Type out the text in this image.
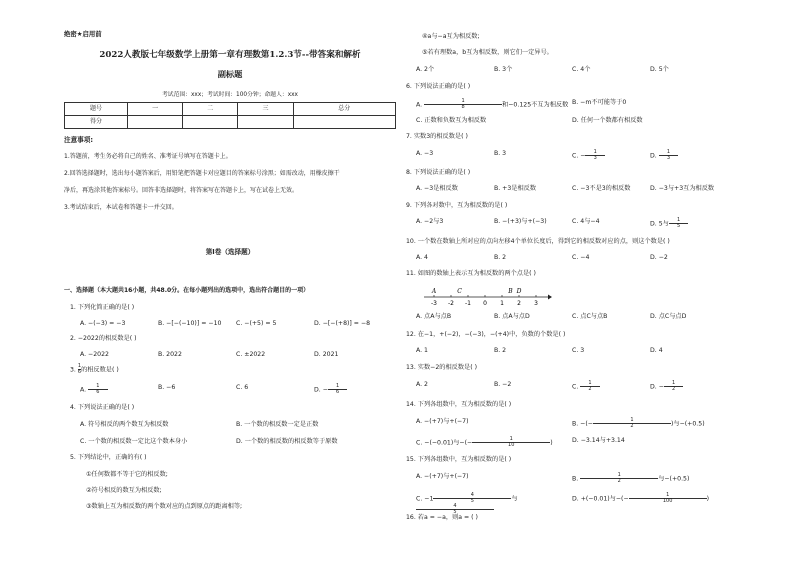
绝密★启用前
2022人教版七年级数学上册第一章有理数第1.2.3节--带答案和解析
副标题
考试范围：xxx；考试时间：100分钟；命题人：xxx
题号	一	二	三	总分
得分				
注意事项:
1.答题前，考生务必将自己的姓名、准考证号填写在答题卡上。
2.回答选择题时，选出每小题答案后，用铅笔把答题卡对应题目的答案标号涂黑；如需改动，用橡皮擦干
净后，再选涂其他答案标号。回答非选择题时，将答案写在答题卡上，写在试卷上无效。
3.考试结束后，本试卷和答题卡一并交回。
第I卷（选择题）
一、选择题（本大题共16小题，共48.0分。在每小题列出的选项中，选出符合题目的一项）
1. 下列化简正确的是( )
A. −(−3) = −3	B. −[−(−10)] = −10	C. −(+5) = 5	D. −[−(+8)] = −8
2. −2022的相反数是( )
A. −2022	B. 2022	C. ±2022	D. 2021
3. $\frac{1}{6}$ 的相反数是( )
A. $\frac{1}{6}$	B. −6	C. 6	D. − $\frac{1}{6}$
4. 下列说法正确的是( )
A. 符号相反的两个数互为相反数	B. 一个数的相反数一定是正数
C. 一个数的相反数一定比这个数本身小	D. 一个数的相反数的相反数等于原数
5. 下列结论中，正确的有( )
①任何数都不等于它的相反数;
②符号相反的数互为相反数;
③数轴上互为相反数的两个数对应的点到原点的距离相等;
④a与−a互为相反数;
⑤若有理数a，b互为相反数，则它们一定异号。
A. 2个	B. 3个	C. 4个	D. 5个
6. 下列说法正确的是( )
A. $\frac{1}{8}$ 和−0.125不互为相反数 B. −m不可能等于0
C. 正数和负数互为相反数	D. 任何一个数都有相反数
7. 实数3的相反数是( )
A. −3	B. 3	C. − $\frac{1}{3}$	D. $\frac{1}{3}$
8. 下列说法正确的是( )
A. −3是相反数	B. +3是相反数	C. −3不是3的相反数	D. −3与+3互为相反数
9. 下列各对数中，互为相反数的是( )
A. −2与3	B. −(+3)与+(−3)	C. 4与−4	D. 5与 $\frac{1}{5}$
10. 一个数在数轴上所对应的点向左移4个单位长度后，得到它的相反数对应的点，则这个数是( )
A. 4	B. 2	C. −4	D. −2
11. 如图的数轴上表示互为相反数的两个点是( )
-3 -2 -1 0 1 2 3
A	C	B D
A. 点A与点B	B. 点A与点D	C. 点C与点B	D. 点C与点D
12. 在−1，+(−2)，−(−3)，−(+4)中，负数的个数是( )
A. 1	B. 2	C. 3	D. 4
13. 实数−2的相反数是( )
A. 2	B. −2	C. $\frac{1}{2}$	D. − $\frac{1}{2}$
14. 下列各组数中，互为相反数的是( )
A. −(+7)与+(−7)	B. −(− $\frac{1}{2}$ )与−(+0.5)
C. −(−0.01)与−(− $\frac{1}{10}$ )	D. −3.14与+3.14
15. 下列各组数中，互为相反数的是( )
A. −(+7)与+(−7)	B. $\frac{1}{2}$ 与−(+0.5)
C. $-1 \frac{4}{5}$ 与
$\frac{4}{5}$
D. +(−0.01)与−(− $\frac{1}{100}$ )
16. 若a = −a，则a = ( )
